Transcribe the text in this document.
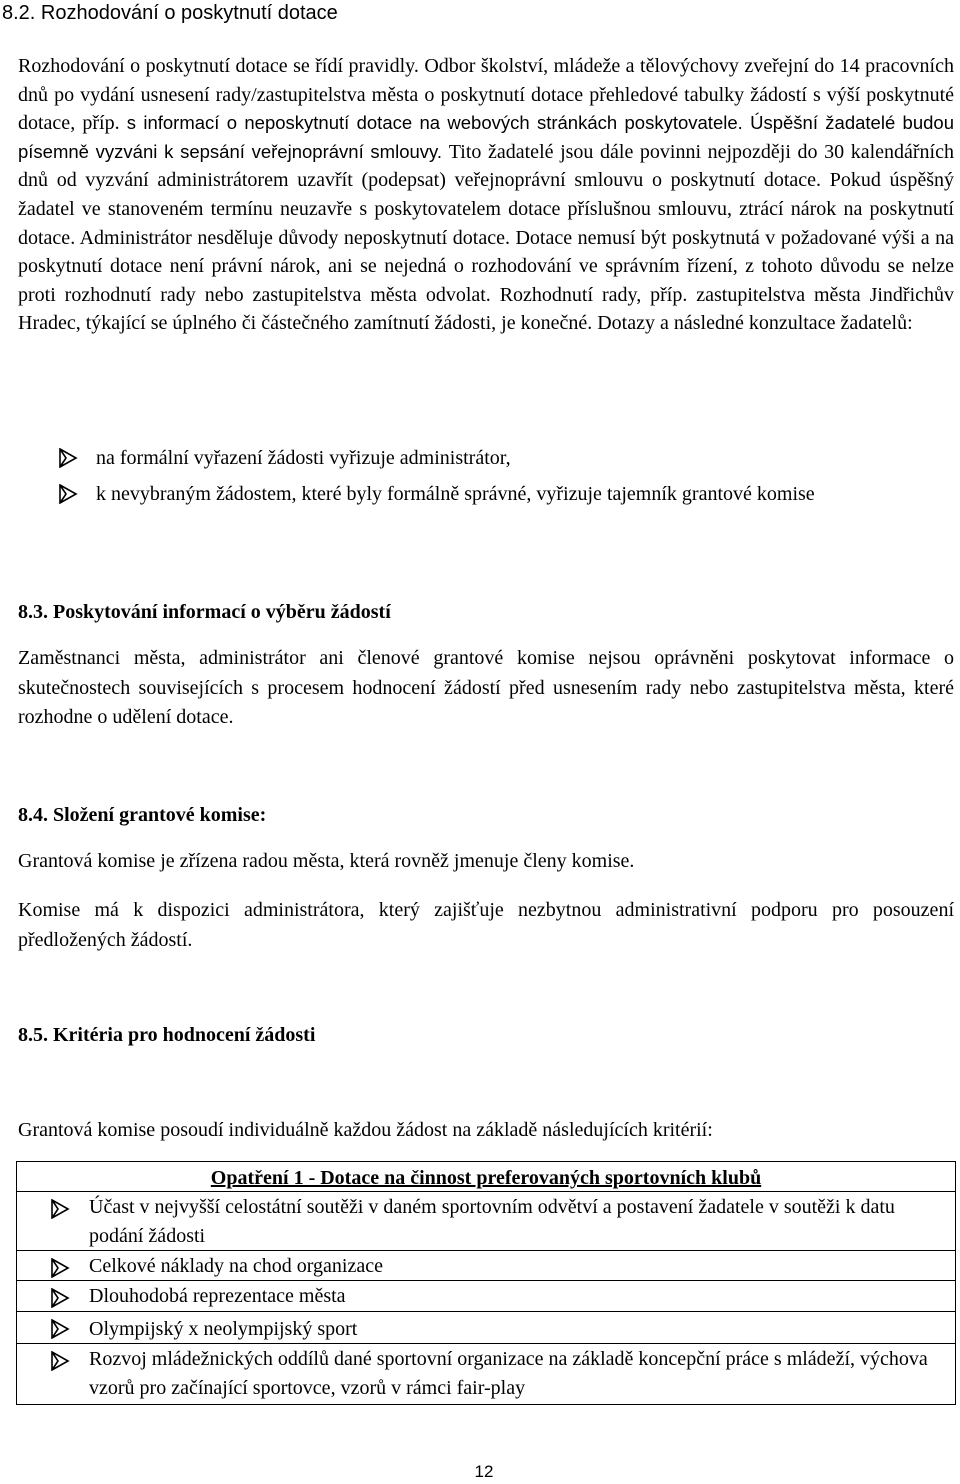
8.2. Rozhodování o poskytnutí dotace

Rozhodování o poskytnutí dotace se řídí pravidly. Odbor školství, mládeže a tělovýchovy zveřejní do 14 pracovních dnů po vydání usnesení rady/zastupitelstva města o poskytnutí dotace přehledové tabulky žádostí s výší poskytnuté dotace, příp. s informací o neposkytnutí dotace na webových stránkách poskytovatele. Úspěšní žadatelé budou písemně vyzváni k sepsání veřejnoprávní smlouvy. Tito žadatelé jsou dále povinni nejpozději do 30 kalendářních dnů od vyzvání administrátorem uzavřít (podepsat) veřejnoprávní smlouvu o poskytnutí dotace. Pokud úspěšný žadatel ve stanoveném termínu neuzavře s poskytovatelem dotace příslušnou smlouvu, ztrácí nárok na poskytnutí dotace. Administrátor nesděluje důvody neposkytnutí dotace. Dotace nemusí být poskytnutá v požadované výši a na poskytnutí dotace není právní nárok, ani se nejedná o rozhodování ve správním řízení, z tohoto důvodu se nelze proti rozhodnutí rady nebo zastupitelstva města odvolat. Rozhodnutí rady, příp. zastupitelstva města Jindřichův Hradec, týkající se úplného či částečného zamítnutí žádosti, je konečné. Dotazy a následné konzultace žadatelů:

na formální vyřazení žádosti vyřizuje administrátor,
k nevybraným žádostem, které byly formálně správné, vyřizuje tajemník grantové komise
8.3. Poskytování informací o výběru žádostí

Zaměstnanci města, administrátor ani členové grantové komise nejsou oprávněni poskytovat informace o skutečnostech souvisejících s procesem hodnocení žádostí před usnesením rady nebo zastupitelstva města, které rozhodne o udělení dotace.

8.4. Složení grantové komise:

Grantová komise je zřízena radou města, která rovněž jmenuje členy komise.

Komise má k dispozici administrátora, který zajišťuje nezbytnou administrativní podporu pro posouzení předložených žádostí.

8.5. Kritéria pro hodnocení žádosti

Grantová komise posoudí individuálně každou žádost na základě následujících kritérií:

Opatření 1 - Dotace na činnost preferovaných sportovních klubů
Účast v nejvyšší celostátní soutěži v daném sportovním odvětví a postavení žadatele v soutěži k datu podání žádosti
Celkové náklady na chod organizace
Dlouhodobá reprezentace města
Olympijský x neolympijský sport
Rozvoj mládežnických oddílů dané sportovní organizace na základě koncepční práce s mládeží, výchova vzorů pro začínající sportovce, vzorů v rámci fair-play
12
